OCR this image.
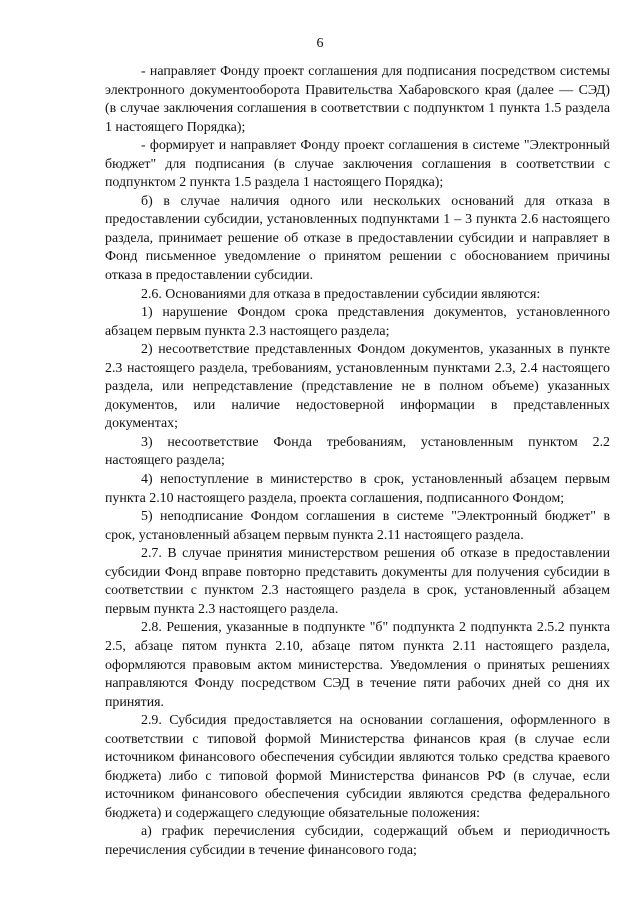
6

- направляет Фонду проект соглашения для подписания посредством системы электронного документооборота Правительства Хабаровского края (далее — СЭД) (в случае заключения соглашения в соответствии с подпунктом 1 пункта 1.5 раздела 1 настоящего Порядка);

- формирует и направляет Фонду проект соглашения в системе "Электронный бюджет" для подписания (в случае заключения соглашения в соответствии с подпунктом 2 пункта 1.5 раздела 1 настоящего Порядка);

б) в случае наличия одного или нескольких оснований для отказа в предоставлении субсидии, установленных подпунктами 1 – 3 пункта 2.6 настоящего раздела, принимает решение об отказе в предоставлении субсидии и направляет в Фонд письменное уведомление о принятом решении с обоснованием причины отказа в предоставлении субсидии.

2.6. Основаниями для отказа в предоставлении субсидии являются:

1) нарушение Фондом срока представления документов, установленного абзацем первым пункта 2.3 настоящего раздела;

2) несоответствие представленных Фондом документов, указанных в пункте 2.3 настоящего раздела, требованиям, установленным пунктами 2.3, 2.4 настоящего раздела, или непредставление (представление не в полном объеме) указанных документов, или наличие недостоверной информации в представленных документах;

3) несоответствие Фонда требованиям, установленным пунктом 2.2 настоящего раздела;

4) непоступление в министерство в срок, установленный абзацем первым пункта 2.10 настоящего раздела, проекта соглашения, подписанного Фондом;

5) неподписание Фондом соглашения в системе "Электронный бюджет" в срок, установленный абзацем первым пункта 2.11 настоящего раздела.

2.7. В случае принятия министерством решения об отказе в предоставлении субсидии Фонд вправе повторно представить документы для получения субсидии в соответствии с пунктом 2.3 настоящего раздела в срок, установленный абзацем первым пункта 2.3 настоящего раздела.

2.8. Решения, указанные в подпункте "б" подпункта 2 подпункта 2.5.2 пункта 2.5, абзаце пятом пункта 2.10, абзаце пятом пункта 2.11 настоящего раздела, оформляются правовым актом министерства. Уведомления о принятых решениях направляются Фонду посредством СЭД в течение пяти рабочих дней со дня их принятия.

2.9. Субсидия предоставляется на основании соглашения, оформленного в соответствии с типовой формой Министерства финансов края (в случае если источником финансового обеспечения субсидии являются только средства краевого бюджета) либо с типовой формой Министерства финансов РФ (в случае, если источником финансового обеспечения субсидии являются средства федерального бюджета) и содержащего следующие обязательные положения:

а) график перечисления субсидии, содержащий объем и периодичность перечисления субсидии в течение финансового года;
